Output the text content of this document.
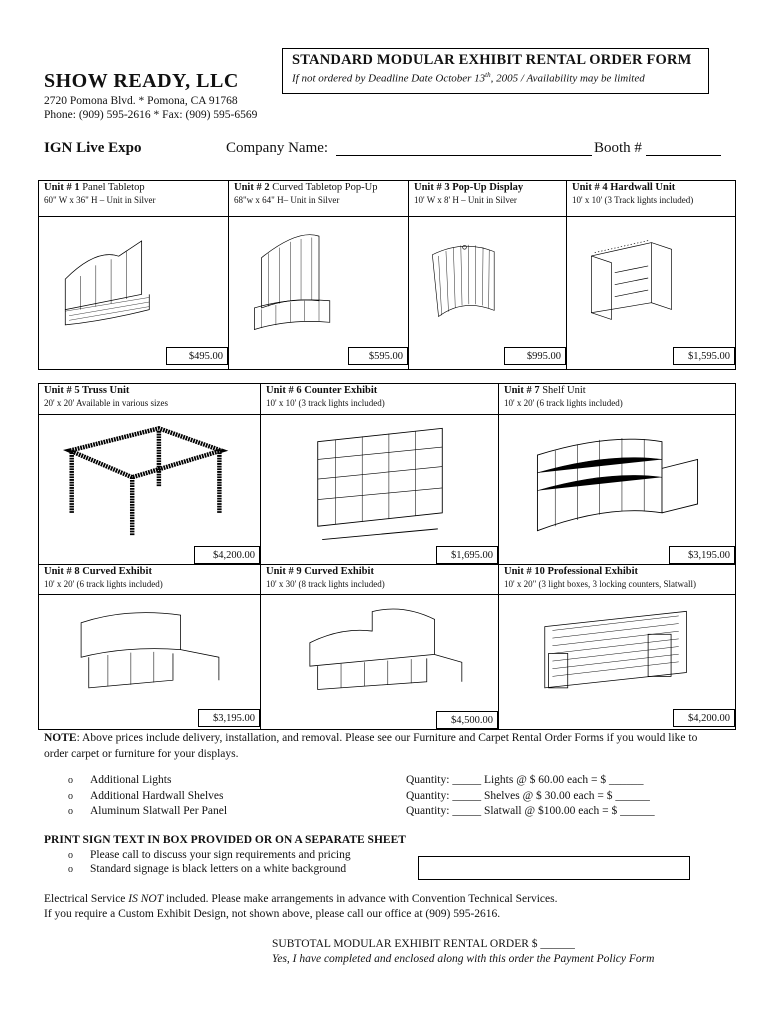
STANDARD MODULAR EXHIBIT RENTAL ORDER FORM
If not ordered by Deadline Date October 13th, 2005 / Availability may be limited
SHOW READY, LLC
2720 Pomona Blvd. * Pomona, CA 91768
Phone: (909) 595-2616 * Fax: (909) 595-6569
IGN Live Expo	Company Name:	Booth #
Unit # 1 Panel Tabletop
60" W x 36" H – Unit in Silver
$495.00
Unit # 2 Curved Tabletop Pop-Up
68"w x 64" H– Unit in Silver
$595.00
Unit # 3 Pop-Up Display
10' W x 8' H – Unit in Silver
$995.00
Unit # 4 Hardwall Unit
10' x 10' (3 Track lights included)
$1,595.00
Unit # 5 Truss Unit
20' x 20' Available in various sizes
$4,200.00
Unit # 6 Counter Exhibit
10' x 10' (3 track lights included)
$1,695.00
Unit # 7 Shelf Unit
10' x 20' (6 track lights included)
$3,195.00
Unit # 8 Curved Exhibit
10' x 20' (6 track lights included)
$3,195.00
Unit # 9 Curved Exhibit
10' x 30' (8 track lights included)
$4,500.00
Unit # 10 Professional Exhibit
10' x 20" (3 light boxes, 3 locking counters, Slatwall)
$4,200.00
NOTE: Above prices include delivery, installation, and removal. Please see our Furniture and Carpet Rental Order Forms if you would like to order carpet or furniture for your displays.
o Additional Lights	Quantity: _____ Lights @ $ 60.00 each = $ ______
o Additional Hardwall Shelves	Quantity: _____ Shelves @ $ 30.00 each = $ ______
o Aluminum Slatwall Per Panel	Quantity: _____ Slatwall @ $100.00 each = $ ______
PRINT SIGN TEXT IN BOX PROVIDED OR ON A SEPARATE SHEET
o Please call to discuss your sign requirements and pricing
o Standard signage is black letters on a white background
Electrical Service IS NOT included. Please make arrangements in advance with Convention Technical Services.
If you require a Custom Exhibit Design, not shown above, please call our office at (909) 595-2616.
SUBTOTAL MODULAR EXHIBIT RENTAL ORDER $ ______
Yes, I have completed and enclosed along with this order the Payment Policy Form
